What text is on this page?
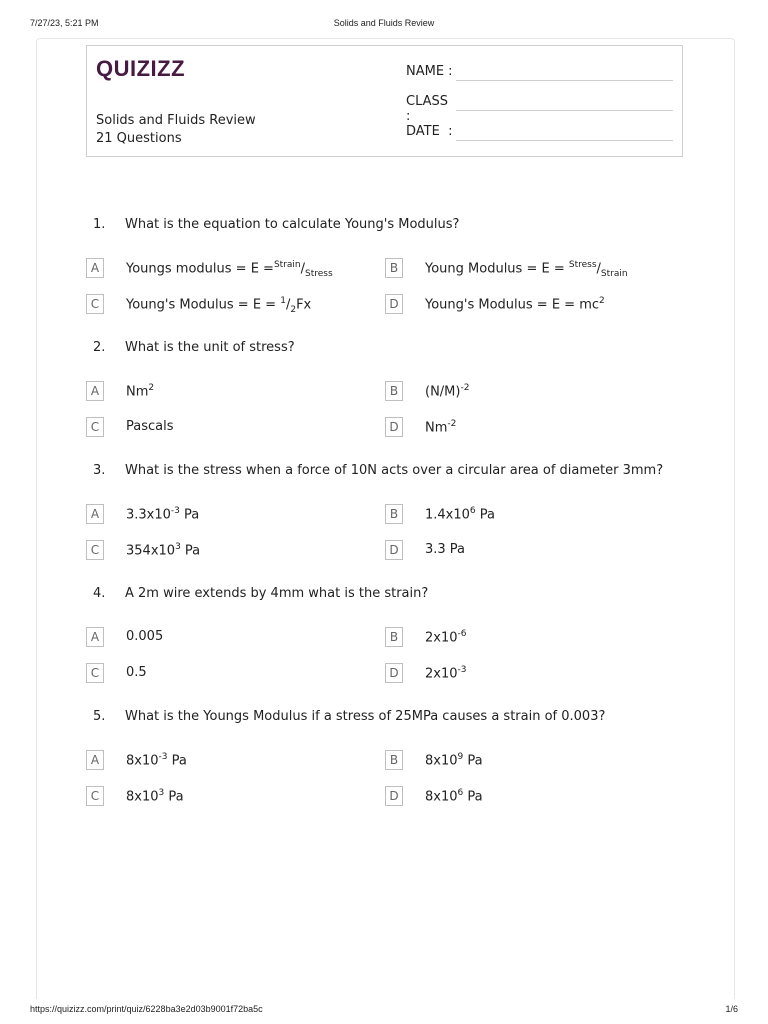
7/27/23, 5:21 PM	Solids and Fluids Review
QUIZIZZ
Solids and Fluids Review
21 Questions
NAME :
CLASS :
DATE  :
1. What is the equation to calculate Young's Modulus?
A	Youngs modulus = $E =^{Strain}/_{Stress}$	B	Young Modulus = $E = ^{Stress}/_{Strain}$
C	Young's Modulus = $E = ^1/_2Fx$	D	Young's Modulus = $E = mc^2$
2. What is the unit of stress?
A	Nm$^2$	B	$(N/M)^{-2}$
C	Pascals	D	$Nm^{-2}$
3. What is the stress when a force of 10N acts over a circular area of diameter 3mm?
A	$3.3x10^{-3}$ Pa	B	$1.4x10^6$ Pa
C	$354x10^3$ Pa	D	3.3 Pa
4. A 2m wire extends by 4mm what is the strain?
A	0.005	B	$2x10^{-6}$
C	0.5	D	$2x10^{-3}$
5. What is the Youngs Modulus if a stress of 25MPa causes a strain of 0.003?
A	$8x10^{-3}$ Pa	B	$8x10^9$ Pa
C	$8x10^3$ Pa	D	$8x10^6$ Pa
https://quizizz.com/print/quiz/6228ba3e2d03b9001f72ba5c	1/6
